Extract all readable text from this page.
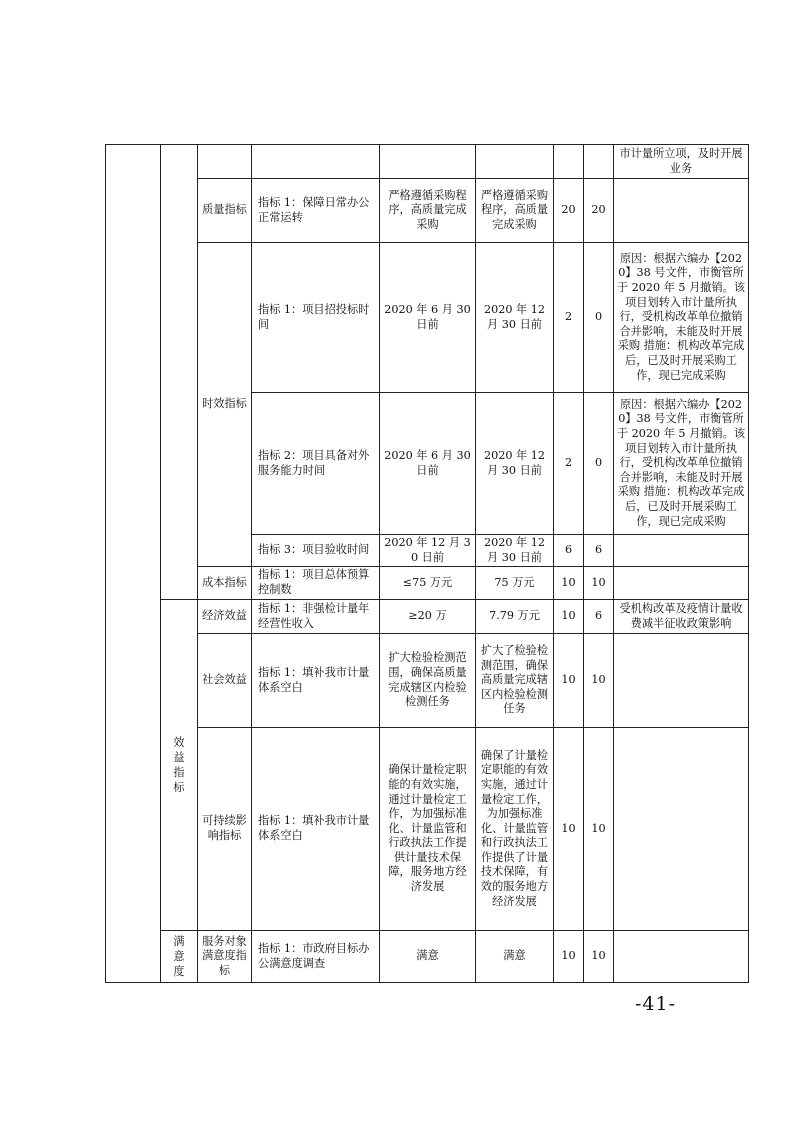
								市计量所立项，及时开展业务
		质量指标	指标 1：保障日常办公正常运转	严格遵循采购程序，高质量完成采购	严格遵循采购程序，高质量完成采购	20	20	
		时效指标	指标 1：项目招投标时间	2020 年 6 月 30 日前	2020 年 12 月 30 日前	2	0	原因：根据六编办【2020】38 号文件，市衡管所于 2020 年 5 月撤销。该项目划转入市计量所执行，受机构改革单位撤销合并影响，未能及时开展采购 措施：机构改革完成后，已及时开展采购工作，现已完成采购
			指标 2：项目具备对外服务能力时间	2020 年 6 月 30 日前	2020 年 12 月 30 日前	2	0	原因：根据六编办【2020】38 号文件，市衡管所于 2020 年 5 月撤销。该项目划转入市计量所执行，受机构改革单位撤销合并影响，未能及时开展采购 措施：机构改革完成后，已及时开展采购工作，现已完成采购
			指标 3：项目验收时间	2020 年 12 月 30 日前	2020 年 12 月 30 日前	6	6	
		成本指标	指标 1：项目总体预算控制数	≤75 万元	75 万元	10	10	

	效益指标	经济效益	指标 1：非强检计量年经营性收入	≥20 万	7.79 万元	10	6	受机构改革及疫情计量收费减半征收政策影响
		社会效益	指标 1：填补我市计量体系空白	扩大检验检测范围，确保高质量完成辖区内检验检测任务	扩大了检验检测范围，确保高质量完成辖区内检验检测任务	10	10	
		可持续影响指标	指标 1：填补我市计量体系空白	确保计量检定职能的有效实施，通过计量检定工作，为加强标准化、计量监管和行政执法工作提供计量技术保障，服务地方经济发展	确保了计量检定职能的有效实施，通过计量检定工作，为加强标准化、计量监管和行政执法工作提供了计量技术保障，有效的服务地方经济发展	10	10	

	满意度	服务对象满意度指标	指标 1：市政府目标办公满意度调查	满意	满意	10	10	
-41-
